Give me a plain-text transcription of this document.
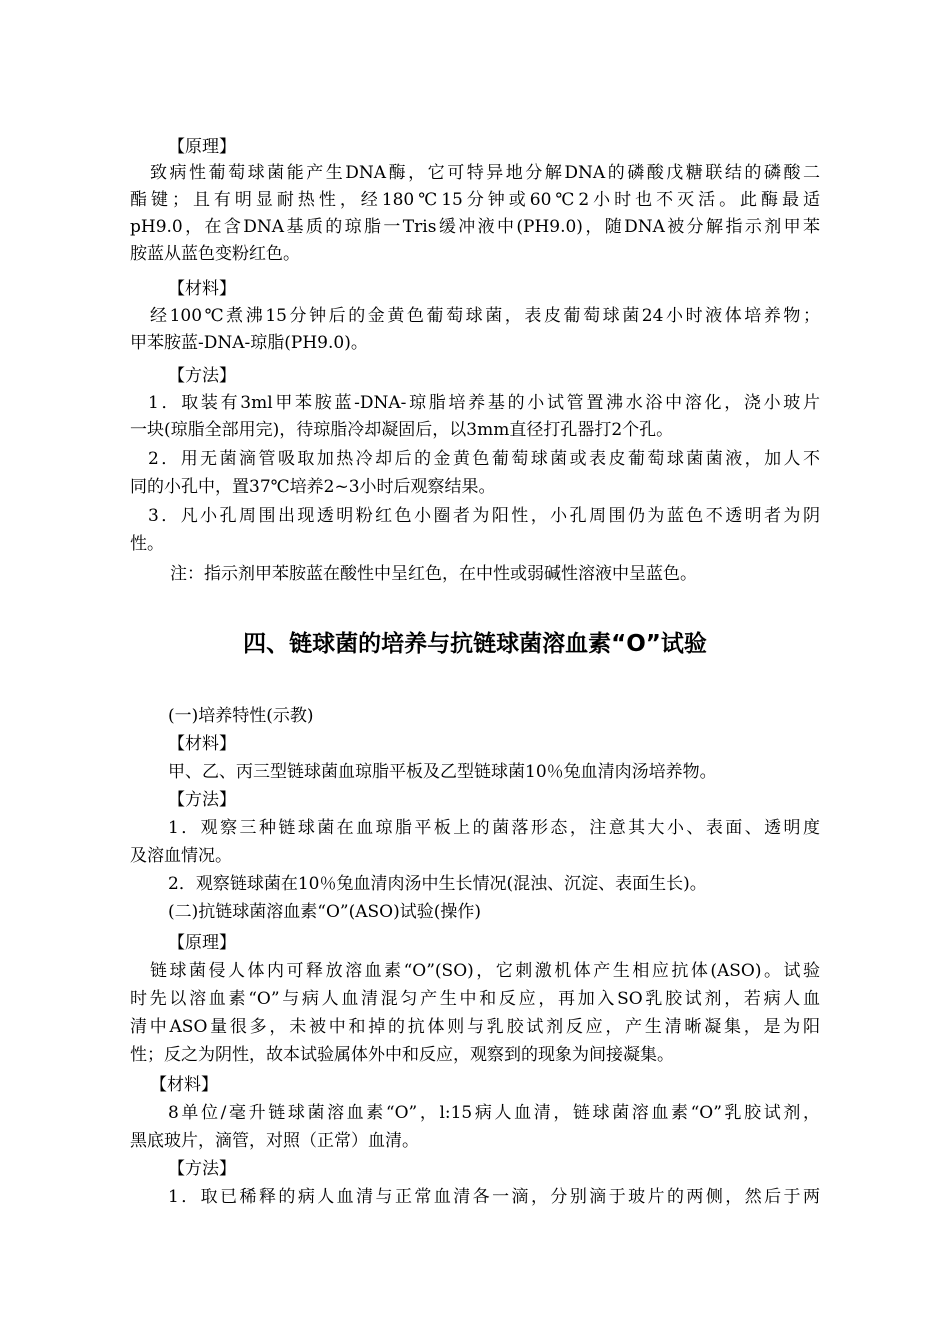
【原理】
致病性葡萄球菌能产生DNA酶，它可特异地分解DNA的磷酸戊糖联结的磷酸二
酯键；且有明显耐热性，经180℃15分钟或60℃2小时也不灭活。此酶最适
pH9.0，在含DNA基质的琼脂一Tris缓冲液中(PH9.0)，随DNA被分解指示剂甲苯
胺蓝从蓝色变粉红色。
【材料】
经100℃煮沸15分钟后的金黄色葡萄球菌，表皮葡萄球菌24小时液体培养物；
甲苯胺蓝-DNA-琼脂(PH9.0)。
【方法】
1．取装有3ml甲苯胺蓝-DNA-琼脂培养基的小试管置沸水浴中溶化，浇小玻片
一块(琼脂全部用完)，待琼脂冷却凝固后，以3mm直径打孔器打2个孔。
2．用无菌滴管吸取加热冷却后的金黄色葡萄球菌或表皮葡萄球菌菌液，加人不
同的小孔中，置37℃培养2~3小时后观察结果。
3．凡小孔周围出现透明粉红色小圈者为阳性，小孔周围仍为蓝色不透明者为阴
性。
注：指示剂甲苯胺蓝在酸性中呈红色，在中性或弱碱性溶液中呈蓝色。
四、链球菌的培养与抗链球菌溶血素“O”试验
(一)培养特性(示教)
【材料】
甲、乙、丙三型链球菌血琼脂平板及乙型链球菌10％兔血清肉汤培养物。
【方法】
1．观察三种链球菌在血琼脂平板上的菌落形态，注意其大小、表面、透明度
及溶血情况。
2．观察链球菌在10％兔血清肉汤中生长情况(混浊、沉淀、表面生长)。
(二)抗链球菌溶血素“O”(ASO)试验(操作)
【原理】
链球菌侵人体内可释放溶血素“O”(SO)，它刺激机体产生相应抗体(ASO)。试验
时先以溶血素“O”与病人血清混匀产生中和反应，再加入SO乳胶试剂，若病人血
清中ASO量很多，未被中和掉的抗体则与乳胶试剂反应，产生清晰凝集，是为阳
性；反之为阴性，故本试验属体外中和反应，观察到的现象为间接凝集。
【材料】
8单位/毫升链球菌溶血素“O”，l:15病人血清，链球菌溶血素“O”乳胶试剂，
黑底玻片，滴管，对照（正常）血清。
【方法】
1．取已稀释的病人血清与正常血清各一滴，分别滴于玻片的两侧，然后于两
